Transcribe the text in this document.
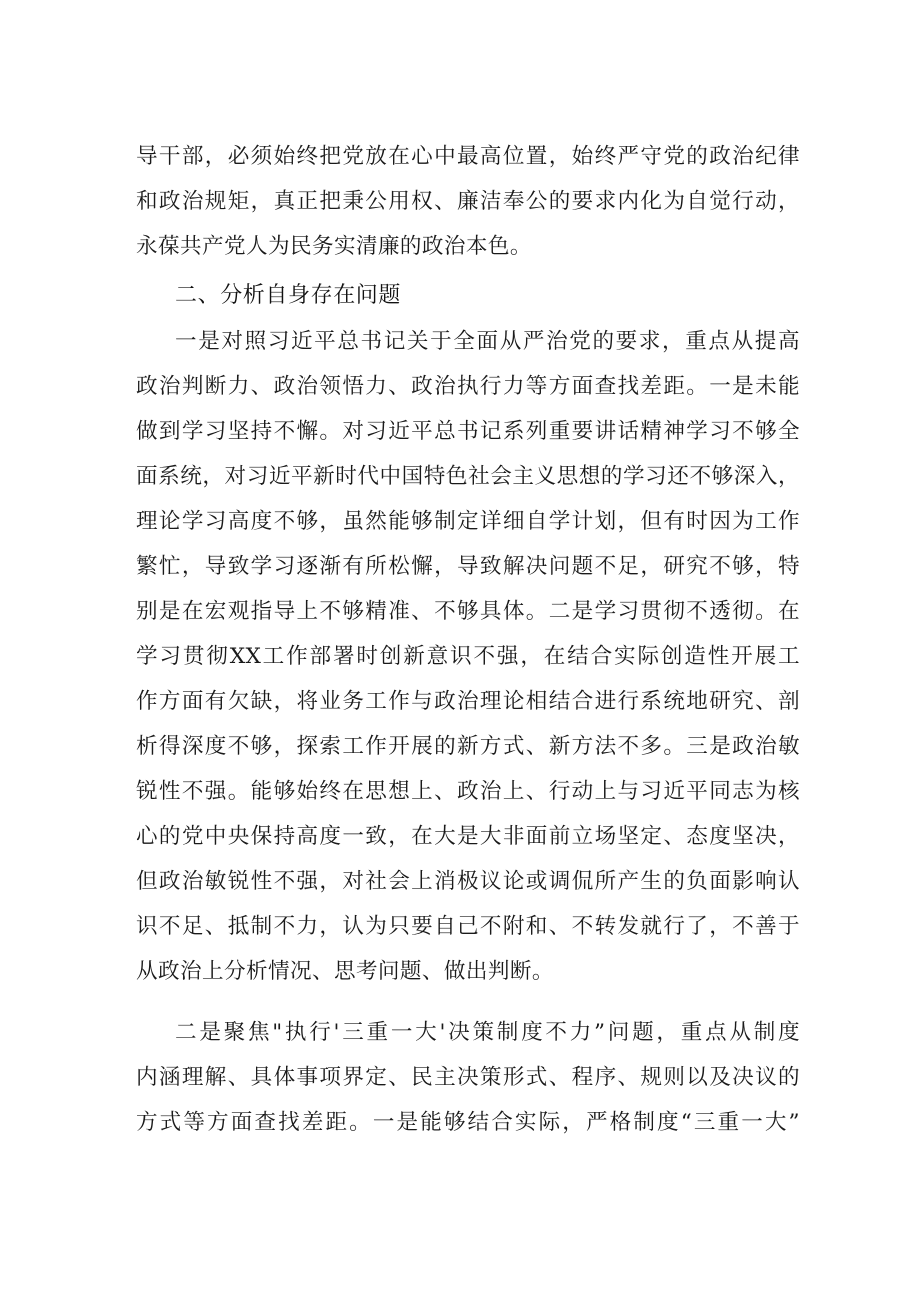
导干部，必须始终把党放在心中最高位置，始终严守党的政治纪律
和政治规矩，真正把秉公用权、廉洁奉公的要求内化为自觉行动，
永葆共产党人为民务实清廉的政治本色。
二、分析自身存在问题
一是对照习近平总书记关于全面从严治党的要求，重点从提高
政治判断力、政治领悟力、政治执行力等方面查找差距。一是未能
做到学习坚持不懈。对习近平总书记系列重要讲话精神学习不够全
面系统，对习近平新时代中国特色社会主义思想的学习还不够深入，
理论学习高度不够，虽然能够制定详细自学计划，但有时因为工作
繁忙，导致学习逐渐有所松懈，导致解决问题不足，研究不够，特
别是在宏观指导上不够精准、不够具体。二是学习贯彻不透彻。在
学习贯彻XX工作部署时创新意识不强，在结合实际创造性开展工
作方面有欠缺，将业务工作与政治理论相结合进行系统地研究、剖
析得深度不够，探索工作开展的新方式、新方法不多。三是政治敏
锐性不强。能够始终在思想上、政治上、行动上与习近平同志为核
心的党中央保持高度一致，在大是大非面前立场坚定、态度坚决，
但政治敏锐性不强，对社会上消极议论或调侃所产生的负面影响认
识不足、抵制不力，认为只要自己不附和、不转发就行了，不善于
从政治上分析情况、思考问题、做出判断。
二是聚焦"执行'三重一大'决策制度不力”问题，重点从制度
内涵理解、具体事项界定、民主决策形式、程序、规则以及决议的
方式等方面查找差距。一是能够结合实际，严格制度“三重一大”
